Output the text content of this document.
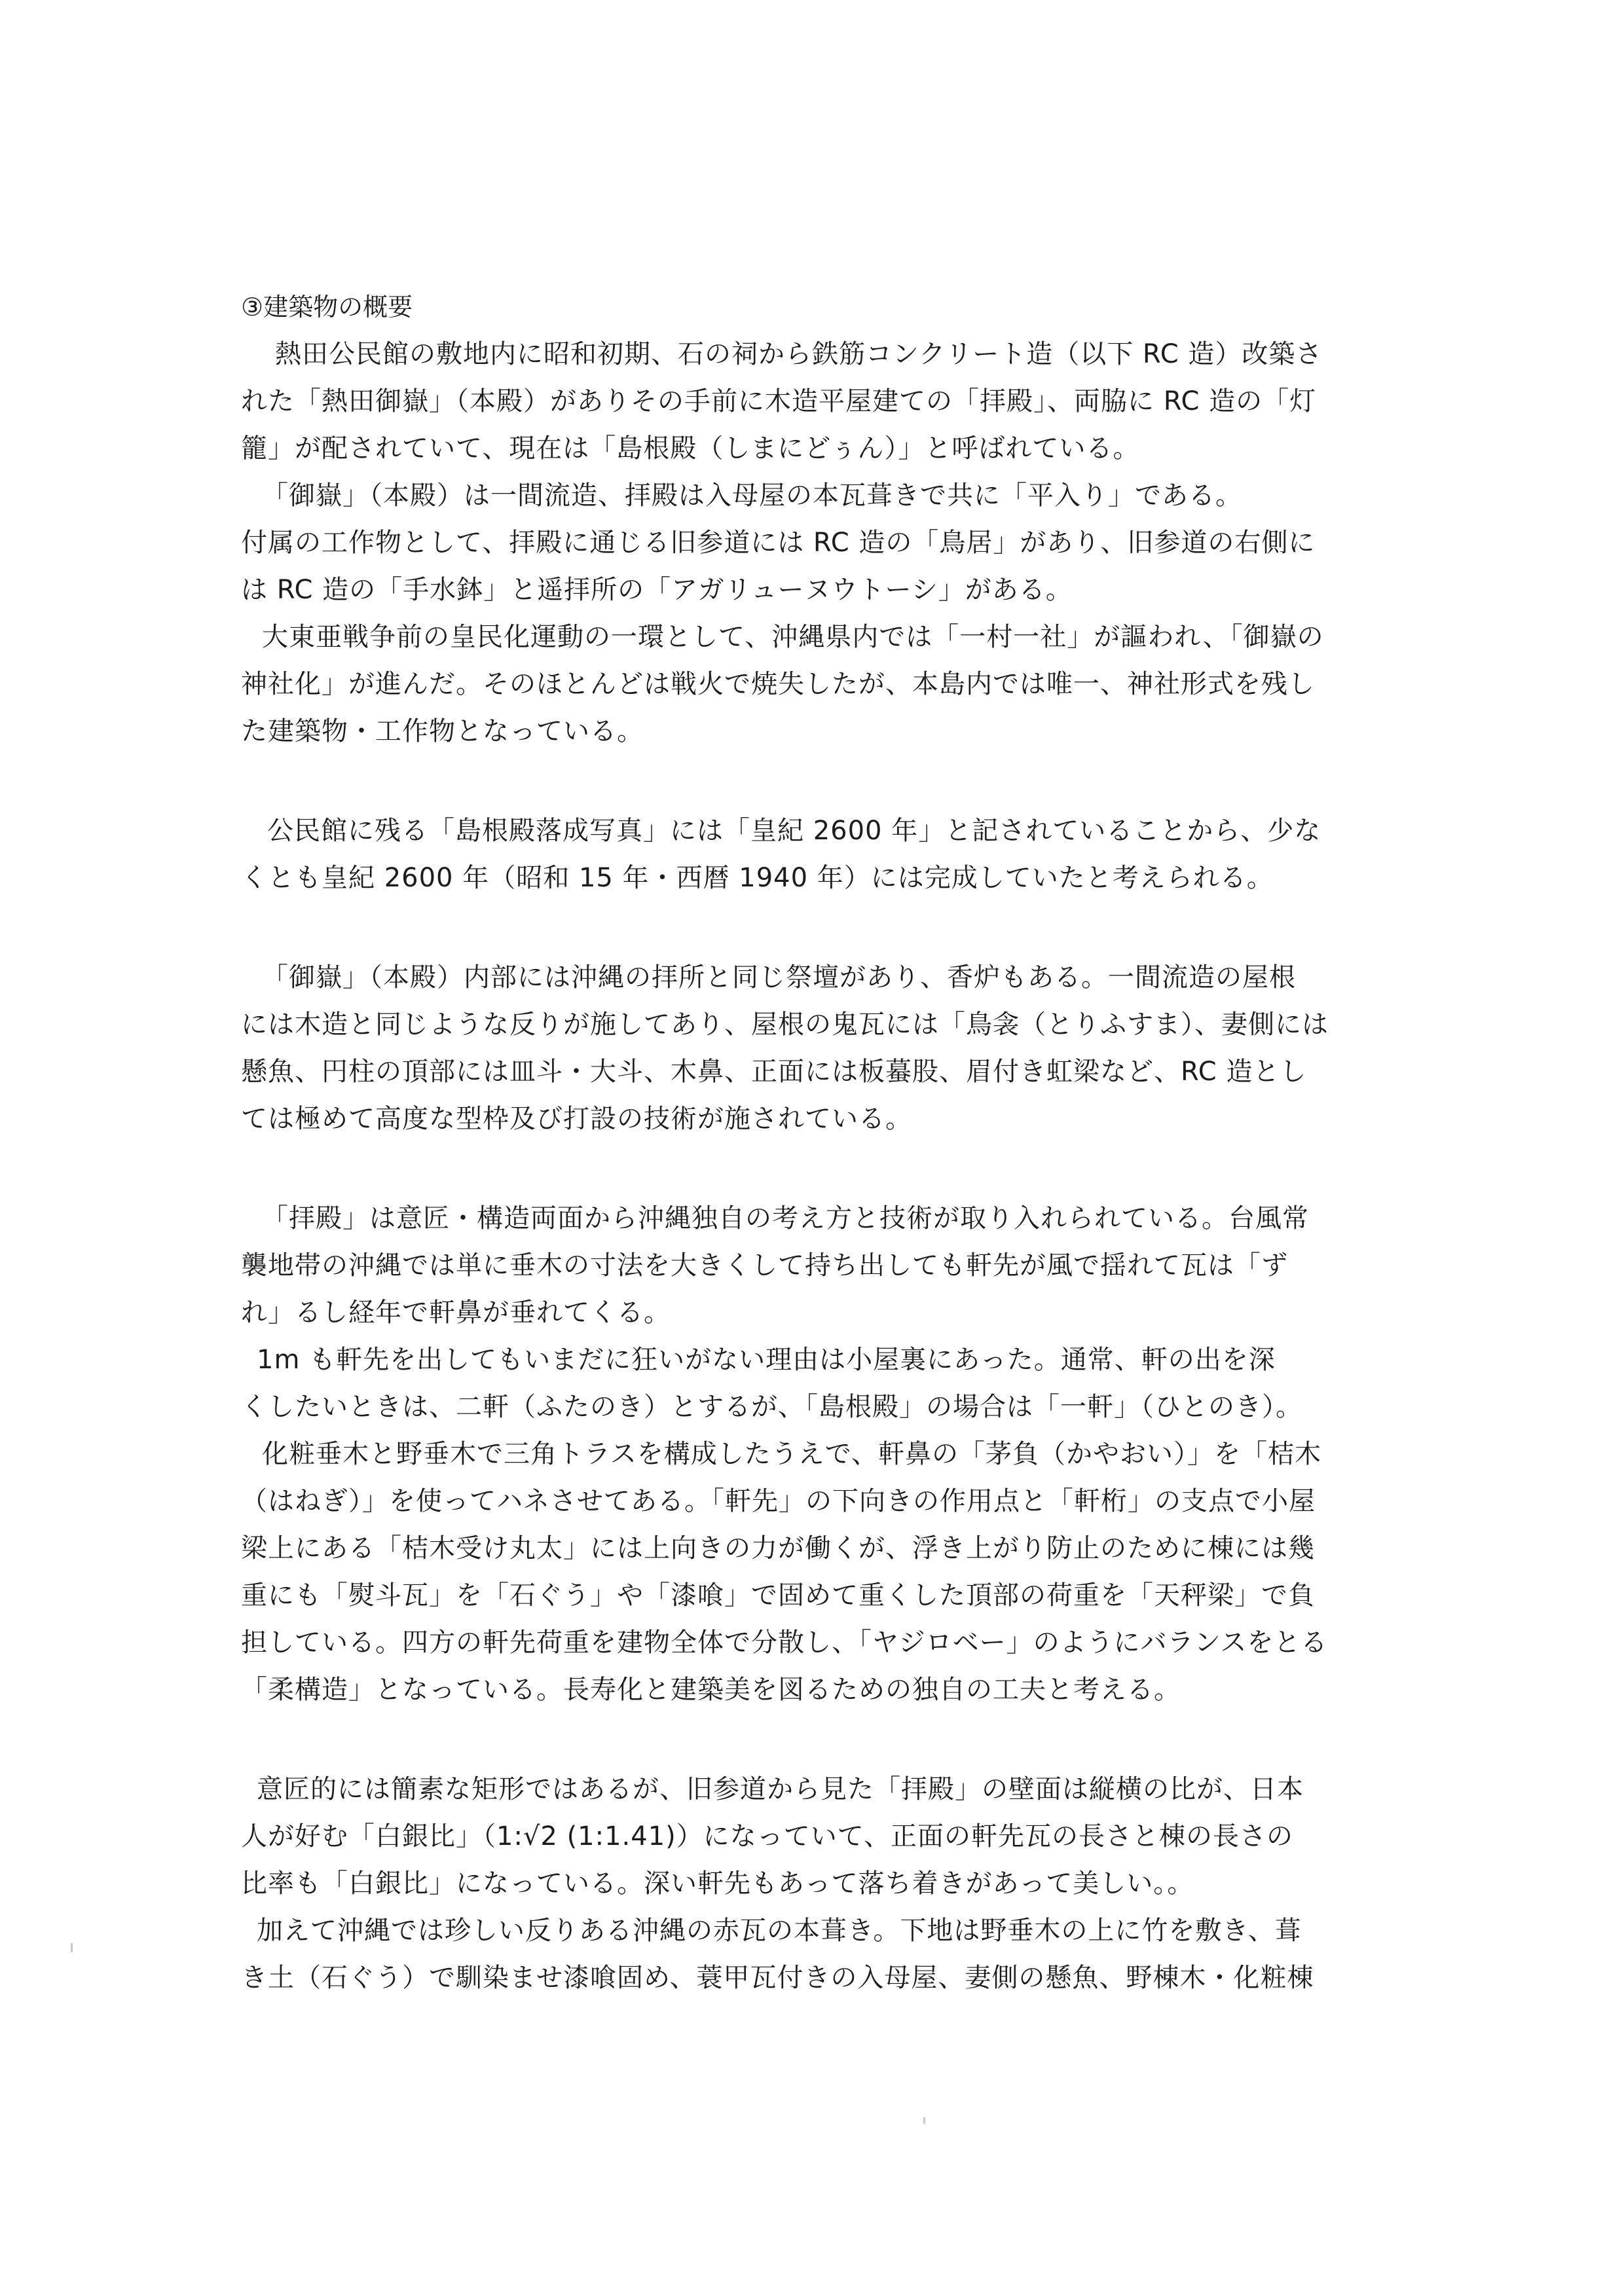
③建築物の概要
熱田公民館の敷地内に昭和初期、石の祠から鉄筋コンクリート造（以下 RC 造）改築さ
れた「熱田御嶽」（本殿）がありその手前に木造平屋建ての「拝殿」、両脇に RC 造の「灯
籠」が配されていて、現在は「島根殿（しまにどぅん）」と呼ばれている。
「御嶽」（本殿）は一間流造、拝殿は入母屋の本瓦葺きで共に「平入り」である。
付属の工作物として、拝殿に通じる旧参道には RC 造の「鳥居」があり、旧参道の右側に
は RC 造の「手水鉢」と遥拝所の「アガリューヌウトーシ」がある。
大東亜戦争前の皇民化運動の一環として、沖縄県内では「一村一社」が謳われ、「御嶽の
神社化」が進んだ。そのほとんどは戦火で焼失したが、本島内では唯一、神社形式を残し
た建築物・工作物となっている。
公民館に残る「島根殿落成写真」には「皇紀 2600 年」と記されていることから、少な
くとも皇紀 2600 年（昭和 15 年・西暦 1940 年）には完成していたと考えられる。
「御嶽」（本殿）内部には沖縄の拝所と同じ祭壇があり、香炉もある。一間流造の屋根
には木造と同じような反りが施してあり、屋根の鬼瓦には「鳥衾（とりふすま）、妻側には
懸魚、円柱の頂部には皿斗・大斗、木鼻、正面には板蟇股、眉付き虹梁など、RC 造とし
ては極めて高度な型枠及び打設の技術が施されている。
「拝殿」は意匠・構造両面から沖縄独自の考え方と技術が取り入れられている。台風常
襲地帯の沖縄では単に垂木の寸法を大きくして持ち出しても軒先が風で揺れて瓦は「ず
れ」るし経年で軒鼻が垂れてくる。
1m も軒先を出してもいまだに狂いがない理由は小屋裏にあった。通常、軒の出を深
くしたいときは、二軒（ふたのき）とするが、「島根殿」の場合は「一軒」（ひとのき）。
化粧垂木と野垂木で三角トラスを構成したうえで、軒鼻の「茅負（かやおい）」を「桔木
（はねぎ）」を使ってハネさせてある。「軒先」の下向きの作用点と「軒桁」の支点で小屋
梁上にある「桔木受け丸太」には上向きの力が働くが、浮き上がり防止のために棟には幾
重にも「熨斗瓦」を「石ぐう」や「漆喰」で固めて重くした頂部の荷重を「天秤梁」で負
担している。四方の軒先荷重を建物全体で分散し、「ヤジロベー」のようにバランスをとる
「柔構造」となっている。長寿化と建築美を図るための独自の工夫と考える。
意匠的には簡素な矩形ではあるが、旧参道から見た「拝殿」の壁面は縦横の比が、日本
人が好む「白銀比」（1:√2 (1:1.41)）になっていて、正面の軒先瓦の長さと棟の長さの
比率も「白銀比」になっている。深い軒先もあって落ち着きがあって美しい。。
加えて沖縄では珍しい反りある沖縄の赤瓦の本葺き。下地は野垂木の上に竹を敷き、葺
き土（石ぐう）で馴染ませ漆喰固め、蓑甲瓦付きの入母屋、妻側の懸魚、野棟木・化粧棟
